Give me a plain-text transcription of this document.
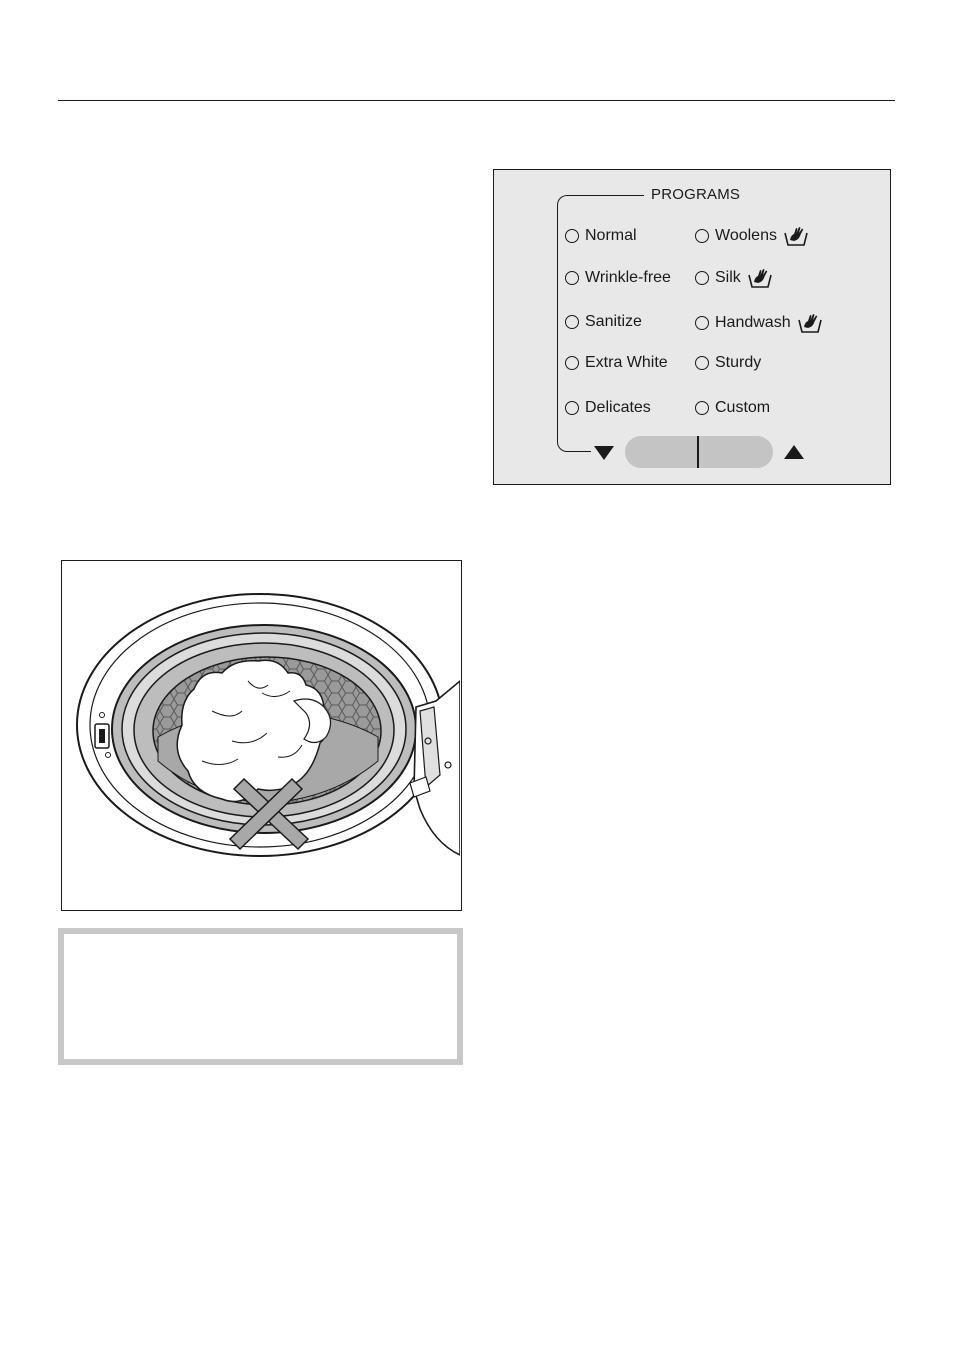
PROGRAMS
Normal
Wrinkle-free
Sanitize
Extra White
Delicates
Woolens
Silk
Handwash
Sturdy
Custom
